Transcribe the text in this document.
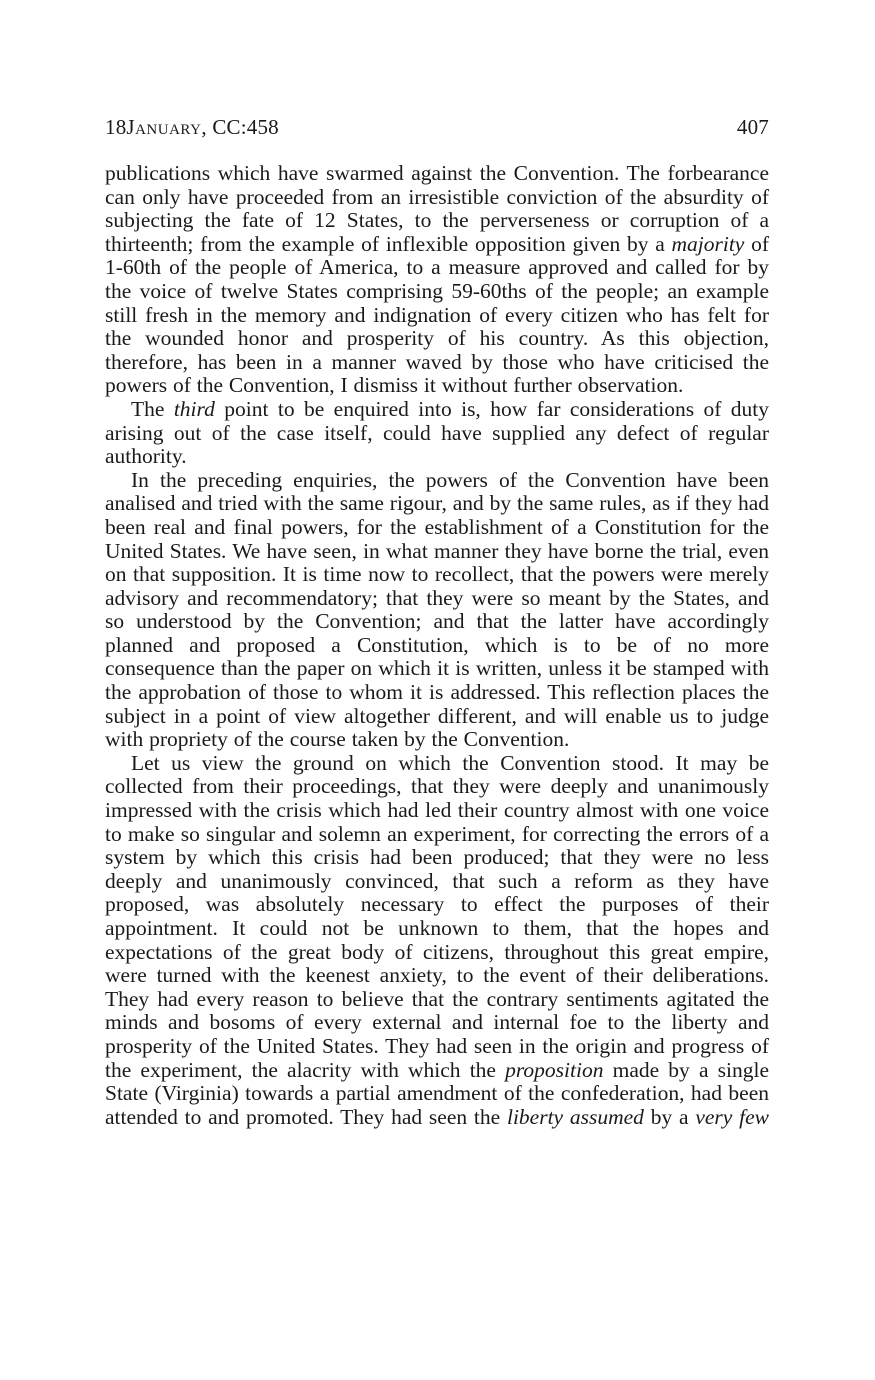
18January, CC:458	407

publications which have swarmed against the Convention. The forbearance can only have proceeded from an irresistible conviction of the absurdity of subjecting the fate of 12 States, to the perverseness or corruption of a thirteenth; from the example of inflexible opposition given by a majority of 1-60th of the people of America, to a measure approved and called for by the voice of twelve States comprising 59-60ths of the people; an example still fresh in the memory and indignation of every citizen who has felt for the wounded honor and prosperity of his country. As this objection, therefore, has been in a manner waved by those who have criticised the powers of the Convention, I dismiss it without further observation.

The third point to be enquired into is, how far considerations of duty arising out of the case itself, could have supplied any defect of regular authority.

In the preceding enquiries, the powers of the Convention have been analised and tried with the same rigour, and by the same rules, as if they had been real and final powers, for the establishment of a Constitution for the United States. We have seen, in what manner they have borne the trial, even on that supposition. It is time now to recollect, that the powers were merely advisory and recommendatory; that they were so meant by the States, and so understood by the Convention; and that the latter have accordingly planned and proposed a Constitution, which is to be of no more consequence than the paper on which it is written, unless it be stamped with the approbation of those to whom it is addressed. This reflection places the subject in a point of view altogether different, and will enable us to judge with propriety of the course taken by the Convention.

Let us view the ground on which the Convention stood. It may be collected from their proceedings, that they were deeply and unanimously impressed with the crisis which had led their country almost with one voice to make so singular and solemn an experiment, for correcting the errors of a system by which this crisis had been produced; that they were no less deeply and unanimously convinced, that such a reform as they have proposed, was absolutely necessary to effect the purposes of their appointment. It could not be unknown to them, that the hopes and expectations of the great body of citizens, throughout this great empire, were turned with the keenest anxiety, to the event of their deliberations. They had every reason to believe that the contrary sentiments agitated the minds and bosoms of every external and internal foe to the liberty and prosperity of the United States. They had seen in the origin and progress of the experiment, the alacrity with which the proposition made by a single State (Virginia) towards a partial amendment of the confederation, had been attended to and promoted. They had seen the liberty assumed by a very few
